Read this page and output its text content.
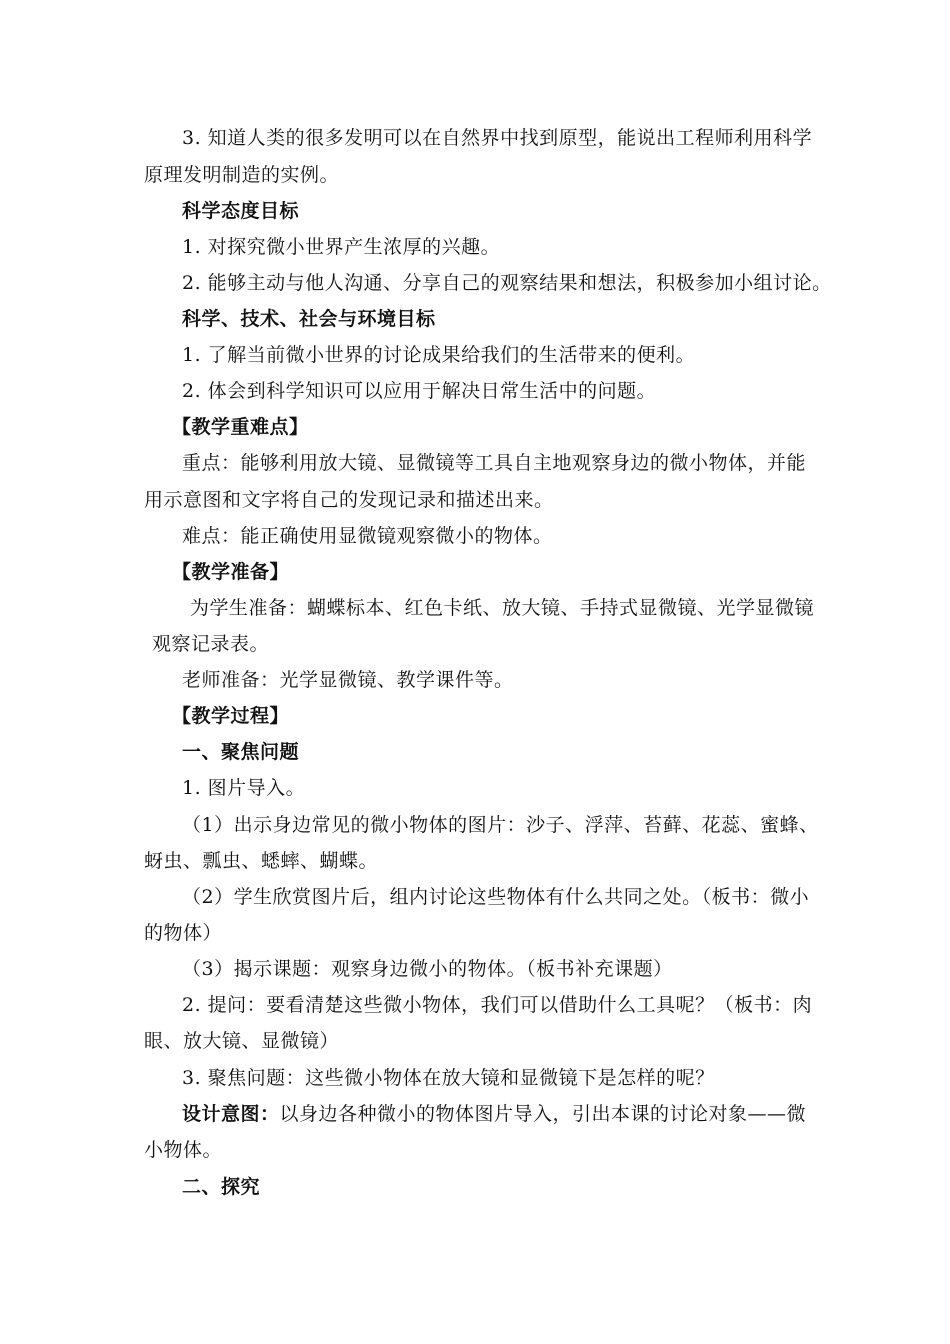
3. 知道人类的很多发明可以在自然界中找到原型，能说出工程师利用科学
原理发明制造的实例。
科学态度目标
1. 对探究微小世界产生浓厚的兴趣。
2. 能够主动与他人沟通、分享自己的观察结果和想法，积极参加小组讨论。
科学、技术、社会与环境目标
1. 了解当前微小世界的讨论成果给我们的生活带来的便利。
2. 体会到科学知识可以应用于解决日常生活中的问题。
【教学重难点】
重点：能够利用放大镜、显微镜等工具自主地观察身边的微小物体，并能
用示意图和文字将自己的发现记录和描述出来。
难点：能正确使用显微镜观察微小的物体。
【教学准备】
为学生准备：蝴蝶标本、红色卡纸、放大镜、手持式显微镜、光学显微镜
观察记录表。
老师准备：光学显微镜、教学课件等。
【教学过程】
一、聚焦问题
1. 图片导入。
（1）出示身边常见的微小物体的图片：沙子、浮萍、苔藓、花蕊、蜜蜂、
蚜虫、瓢虫、蟋蟀、蝴蝶。
（2）学生欣赏图片后，组内讨论这些物体有什么共同之处。（板书：微小
的物体）
（3）揭示课题：观察身边微小的物体。（板书补充课题）
2. 提问：要看清楚这些微小物体，我们可以借助什么工具呢？（板书：肉
眼、放大镜、显微镜）
3. 聚焦问题：这些微小物体在放大镜和显微镜下是怎样的呢？
设计意图：以身边各种微小的物体图片导入，引出本课的讨论对象——微
小物体。
二、探究
